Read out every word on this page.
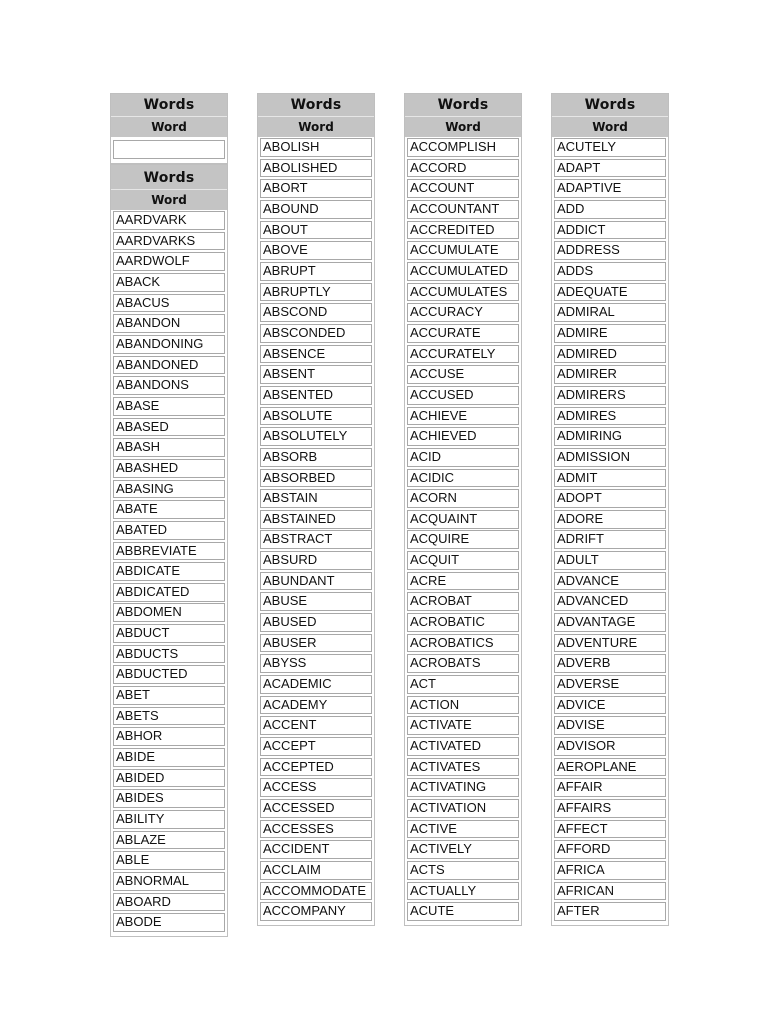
Words
Word
Words
Word
AARDVARK
AARDVARKS
AARDWOLF
ABACK
ABACUS
ABANDON
ABANDONING
ABANDONED
ABANDONS
ABASE
ABASED
ABASH
ABASHED
ABASING
ABATE
ABATED
ABBREVIATE
ABDICATE
ABDICATED
ABDOMEN
ABDUCT
ABDUCTS
ABDUCTED
ABET
ABETS
ABHOR
ABIDE
ABIDED
ABIDES
ABILITY
ABLAZE
ABLE
ABNORMAL
ABOARD
ABODE
Words
Word
ABOLISH
ABOLISHED
ABORT
ABOUND
ABOUT
ABOVE
ABRUPT
ABRUPTLY
ABSCOND
ABSCONDED
ABSENCE
ABSENT
ABSENTED
ABSOLUTE
ABSOLUTELY
ABSORB
ABSORBED
ABSTAIN
ABSTAINED
ABSTRACT
ABSURD
ABUNDANT
ABUSE
ABUSED
ABUSER
ABYSS
ACADEMIC
ACADEMY
ACCENT
ACCEPT
ACCEPTED
ACCESS
ACCESSED
ACCESSES
ACCIDENT
ACCLAIM
ACCOMMODATE
ACCOMPANY
Words
Word
ACCOMPLISH
ACCORD
ACCOUNT
ACCOUNTANT
ACCREDITED
ACCUMULATE
ACCUMULATED
ACCUMULATES
ACCURACY
ACCURATE
ACCURATELY
ACCUSE
ACCUSED
ACHIEVE
ACHIEVED
ACID
ACIDIC
ACORN
ACQUAINT
ACQUIRE
ACQUIT
ACRE
ACROBAT
ACROBATIC
ACROBATICS
ACROBATS
ACT
ACTION
ACTIVATE
ACTIVATED
ACTIVATES
ACTIVATING
ACTIVATION
ACTIVE
ACTIVELY
ACTS
ACTUALLY
ACUTE
Words
Word
ACUTELY
ADAPT
ADAPTIVE
ADD
ADDICT
ADDRESS
ADDS
ADEQUATE
ADMIRAL
ADMIRE
ADMIRED
ADMIRER
ADMIRERS
ADMIRES
ADMIRING
ADMISSION
ADMIT
ADOPT
ADORE
ADRIFT
ADULT
ADVANCE
ADVANCED
ADVANTAGE
ADVENTURE
ADVERB
ADVERSE
ADVICE
ADVISE
ADVISOR
AEROPLANE
AFFAIR
AFFAIRS
AFFECT
AFFORD
AFRICA
AFRICAN
AFTER
